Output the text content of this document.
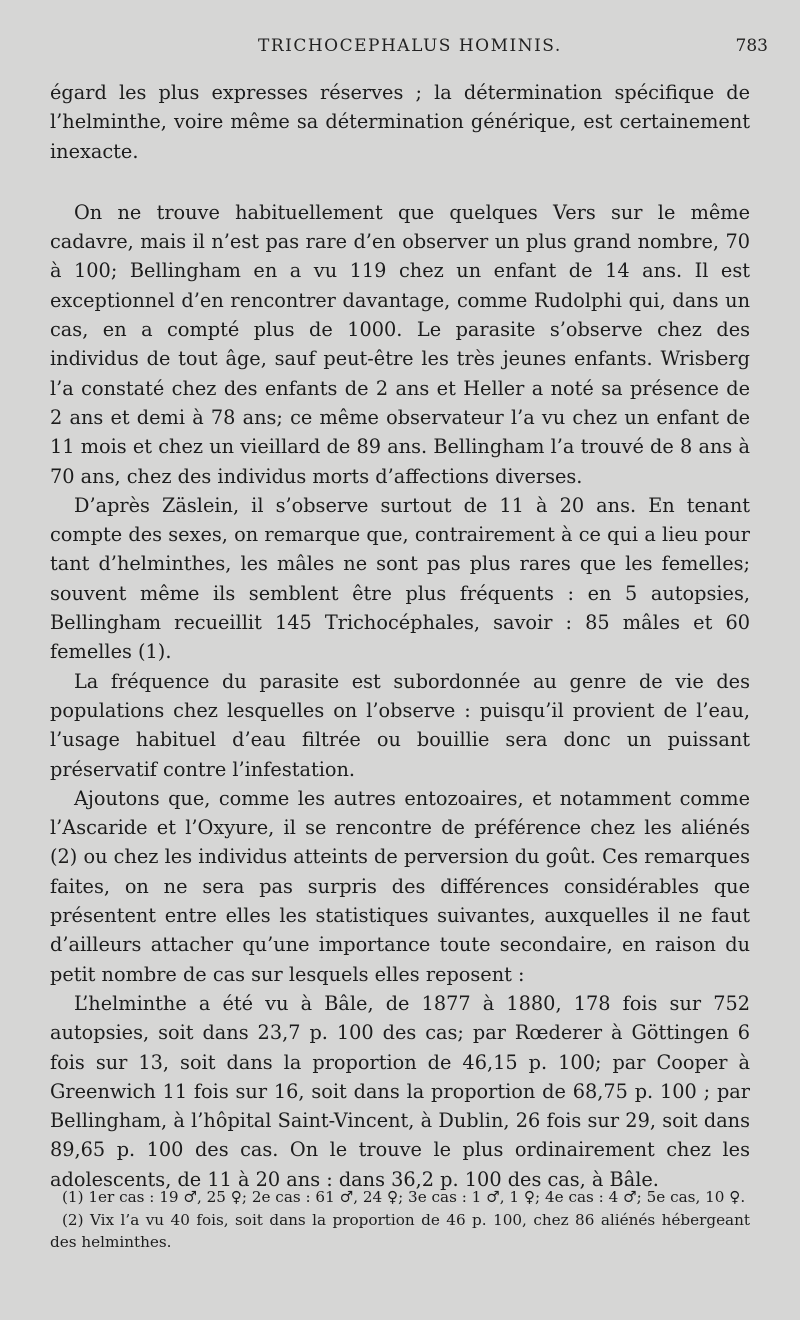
TRICHOCEPHALUS HOMINIS.	783

égard les plus expresses réserves ; la détermination spécifique de l’helminthe, voire même sa détermination générique, est certainement inexacte.

On ne trouve habituellement que quelques Vers sur le même cadavre, mais il n’est pas rare d’en observer un plus grand nombre, 70 à 100; Bellingham en a vu 119 chez un enfant de 14 ans. Il est exceptionnel d’en rencontrer davantage, comme Rudolphi qui, dans un cas, en a compté plus de 1000. Le parasite s’observe chez des individus de tout âge, sauf peut-être les très jeunes enfants. Wrisberg l’a constaté chez des enfants de 2 ans et Heller a noté sa présence de 2 ans et demi à 78 ans; ce même observateur l’a vu chez un enfant de 11 mois et chez un vieillard de 89 ans. Bellingham l’a trouvé de 8 ans à 70 ans, chez des individus morts d’affections diverses.

D’après Zäslein, il s’observe surtout de 11 à 20 ans. En tenant compte des sexes, on remarque que, contrairement à ce qui a lieu pour tant d’helminthes, les mâles ne sont pas plus rares que les femelles; souvent même ils semblent être plus fréquents : en 5 autopsies, Bellingham recueillit 145 Trichocéphales, savoir : 85 mâles et 60 femelles (1).

La fréquence du parasite est subordonnée au genre de vie des populations chez lesquelles on l’observe : puisqu’il provient de l’eau, l’usage habituel d’eau filtrée ou bouillie sera donc un puissant préservatif contre l’infestation.

Ajoutons que, comme les autres entozoaires, et notamment comme l’Ascaride et l’Oxyure, il se rencontre de préférence chez les aliénés (2) ou chez les individus atteints de perversion du goût. Ces remarques faites, on ne sera pas surpris des différences considérables que présentent entre elles les statistiques suivantes, auxquelles il ne faut d’ailleurs attacher qu’une importance toute secondaire, en raison du petit nombre de cas sur lesquels elles reposent :

L’helminthe a été vu à Bâle, de 1877 à 1880, 178 fois sur 752 autopsies, soit dans 23,7 p. 100 des cas; par Rœderer à Göttingen 6 fois sur 13, soit dans la proportion de 46,15 p. 100; par Cooper à Greenwich 11 fois sur 16, soit dans la proportion de 68,75 p. 100 ; par Bellingham, à l’hôpital Saint-Vincent, à Dublin, 26 fois sur 29, soit dans 89,65 p. 100 des cas. On le trouve le plus ordinairement chez les adolescents, de 11 à 20 ans : dans 36,2 p. 100 des cas, à Bâle.

(1) 1er cas : 19 ♂, 25 ♀; 2e cas : 61 ♂, 24 ♀; 3e cas : 1 ♂, 1 ♀; 4e cas : 4 ♂; 5e cas, 10 ♀.

(2) Vix l’a vu 40 fois, soit dans la proportion de 46 p. 100, chez 86 aliénés hébergeant des helminthes.
